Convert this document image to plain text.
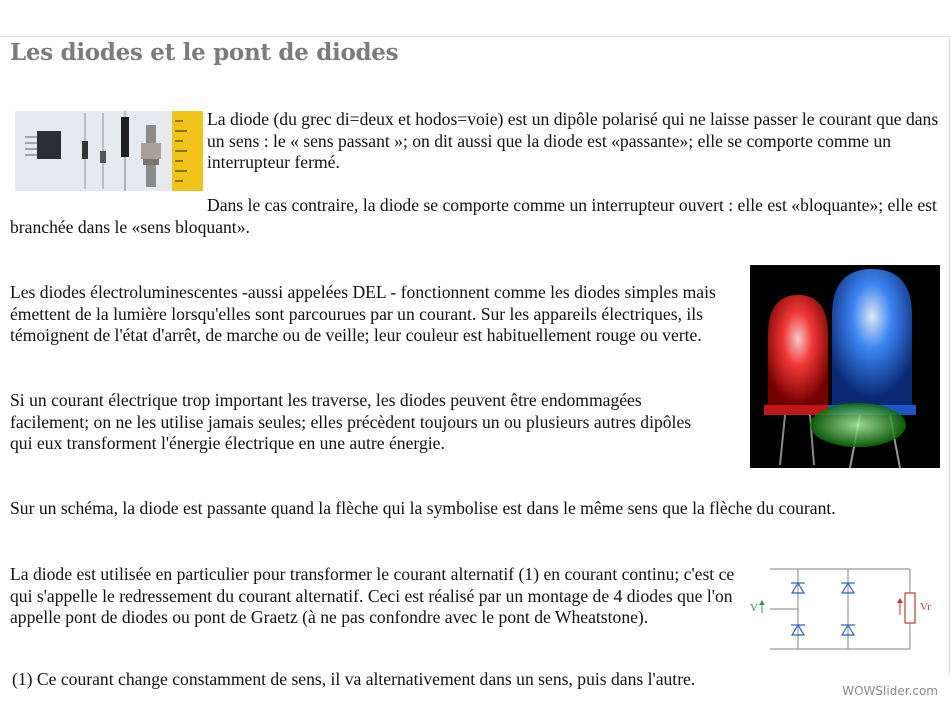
Les diodes et le pont de diodes

La diode (du grec di=deux et hodos=voie) est un dipôle polarisé qui ne laisse passer le courant que dans un sens : le « sens passant »; on dit aussi que la diode est «passante»; elle se comporte comme un interrupteur fermé.

Dans le cas contraire, la diode se comporte comme un interrupteur ouvert : elle est «bloquante»; elle est branchée dans le «sens bloquant».

Les diodes électroluminescentes -aussi appelées DEL - fonctionnent comme les diodes simples mais émettent de la lumière lorsqu'elles sont parcourues par un courant. Sur les appareils électriques, ils témoignent de l'état d'arrêt, de marche ou de veille; leur couleur est habituellement rouge ou verte.

Si un courant électrique trop important les traverse, les diodes peuvent être endommagées facilement; on ne les utilise jamais seules; elles précèdent toujours un ou plusieurs autres dipôles qui eux transforment l'énergie électrique en une autre énergie.

Sur un schéma, la diode est passante quand la flèche qui la symbolise est dans le même sens que la flèche du courant.

La diode est utilisée en particulier pour transformer le courant alternatif (1) en courant continu; c'est ce qui s'appelle le redressement du courant alternatif. Ceci est réalisé par un montage de 4 diodes que l'on appelle pont de diodes ou pont de Graetz (à ne pas confondre avec le pont de Wheatstone).	V	Vr
(1) Ce courant change constamment de sens, il va alternativement dans un sens, puis dans l'autre.
WOWSlider.com
